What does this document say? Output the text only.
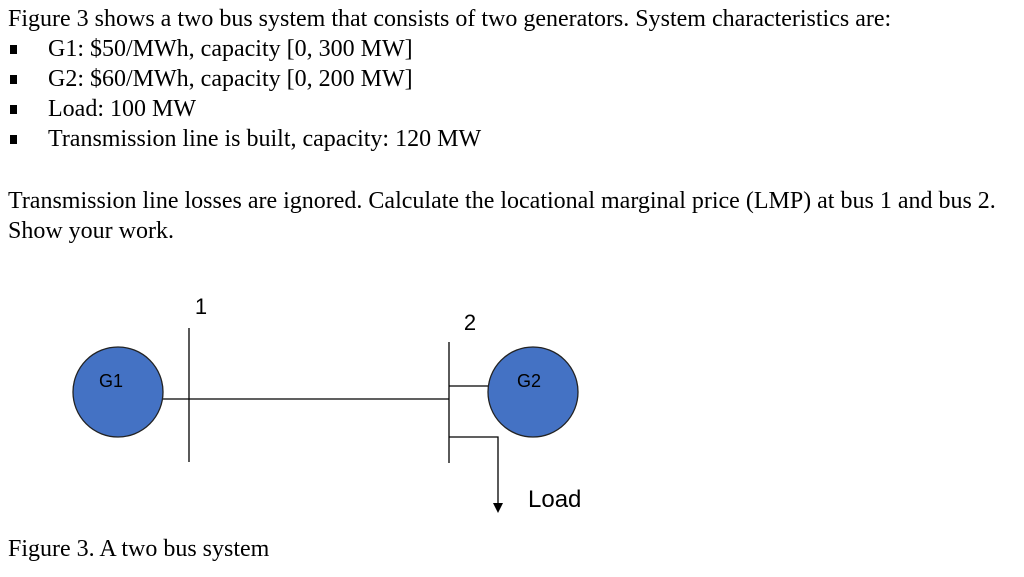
Figure 3 shows a two bus system that consists of two generators. System characteristics are:
G1: $50/MWh, capacity [0, 300 MW]
G2: $60/MWh, capacity [0, 200 MW]
Load: 100 MW
Transmission line is built, capacity: 120 MW
Transmission line losses are ignored. Calculate the locational marginal price (LMP) at bus 1 and bus 2. Show your work.
1
2
G1	G2
Load
Figure 3. A two bus system
